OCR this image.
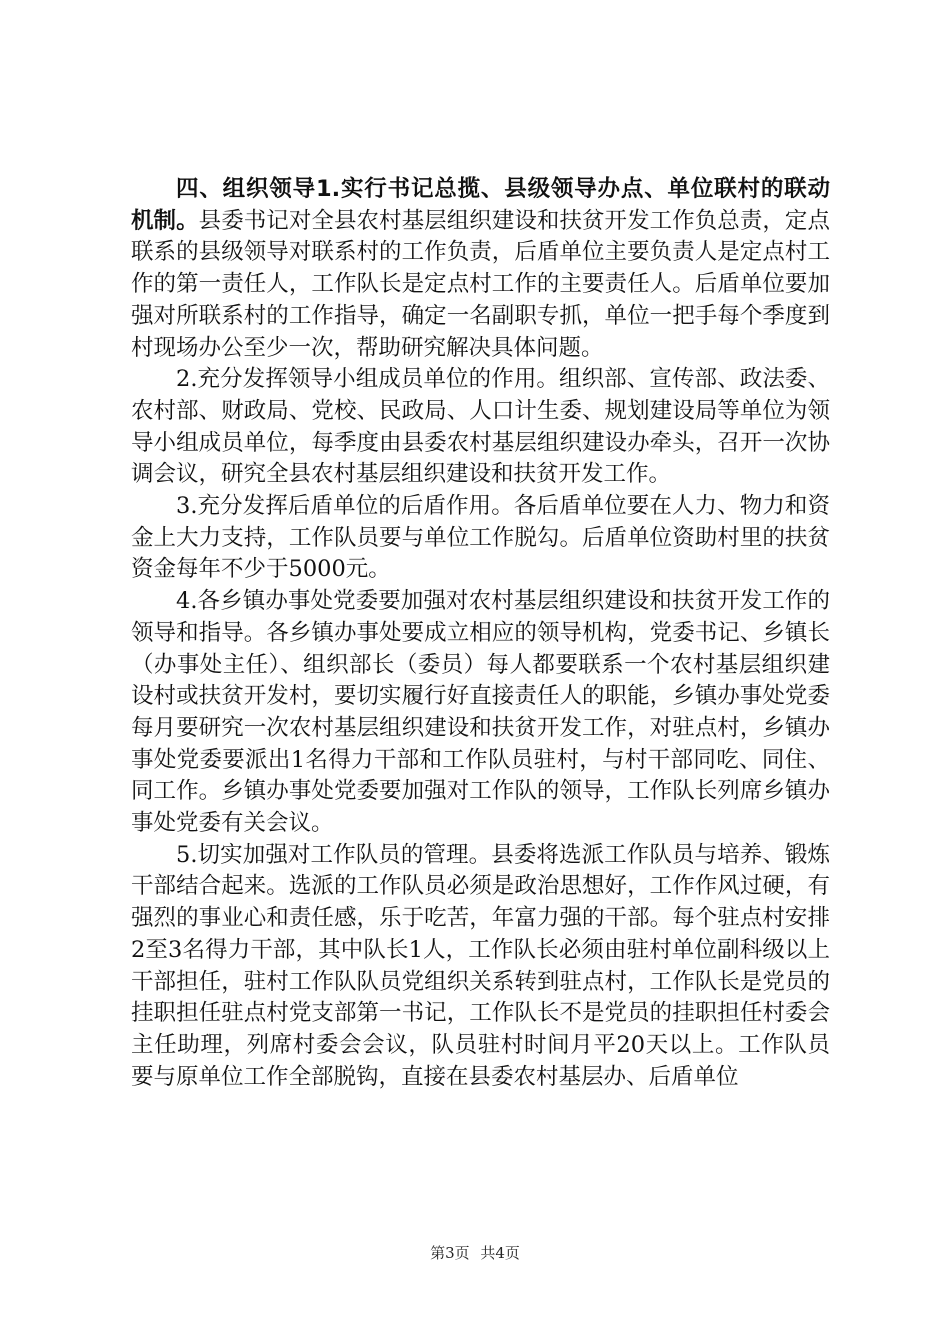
四、组织领导1.实行书记总揽、县级领导办点、单位联村的联动机制。县委书记对全县农村基层组织建设和扶贫开发工作负总责，定点联系的县级领导对联系村的工作负责，后盾单位主要负责人是定点村工作的第一责任人，工作队长是定点村工作的主要责任人。后盾单位要加强对所联系村的工作指导，确定一名副职专抓，单位一把手每个季度到村现场办公至少一次，帮助研究解决具体问题。

2.充分发挥领导小组成员单位的作用。组织部、宣传部、政法委、农村部、财政局、党校、民政局、人口计生委、规划建设局等单位为领导小组成员单位，每季度由县委农村基层组织建设办牵头，召开一次协调会议，研究全县农村基层组织建设和扶贫开发工作。

3.充分发挥后盾单位的后盾作用。各后盾单位要在人力、物力和资金上大力支持，工作队员要与单位工作脱勾。后盾单位资助村里的扶贫资金每年不少于5000元。

4.各乡镇办事处党委要加强对农村基层组织建设和扶贫开发工作的领导和指导。各乡镇办事处要成立相应的领导机构，党委书记、乡镇长（办事处主任）、组织部长（委员）每人都要联系一个农村基层组织建设村或扶贫开发村，要切实履行好直接责任人的职能，乡镇办事处党委每月要研究一次农村基层组织建设和扶贫开发工作，对驻点村，乡镇办事处党委要派出1名得力干部和工作队员驻村，与村干部同吃、同住、同工作。乡镇办事处党委要加强对工作队的领导，工作队长列席乡镇办事处党委有关会议。

5.切实加强对工作队员的管理。县委将选派工作队员与培养、锻炼干部结合起来。选派的工作队员必须是政治思想好，工作作风过硬，有强烈的事业心和责任感，乐于吃苦，年富力强的干部。每个驻点村安排2至3名得力干部，其中队长1人，工作队长必须由驻村单位副科级以上干部担任，驻村工作队队员党组织关系转到驻点村，工作队长是党员的挂职担任驻点村党支部第一书记，工作队长不是党员的挂职担任村委会主任助理，列席村委会会议，队员驻村时间月平20天以上。工作队员要与原单位工作全部脱钩，直接在县委农村基层办、后盾单位

第3页 共4页
